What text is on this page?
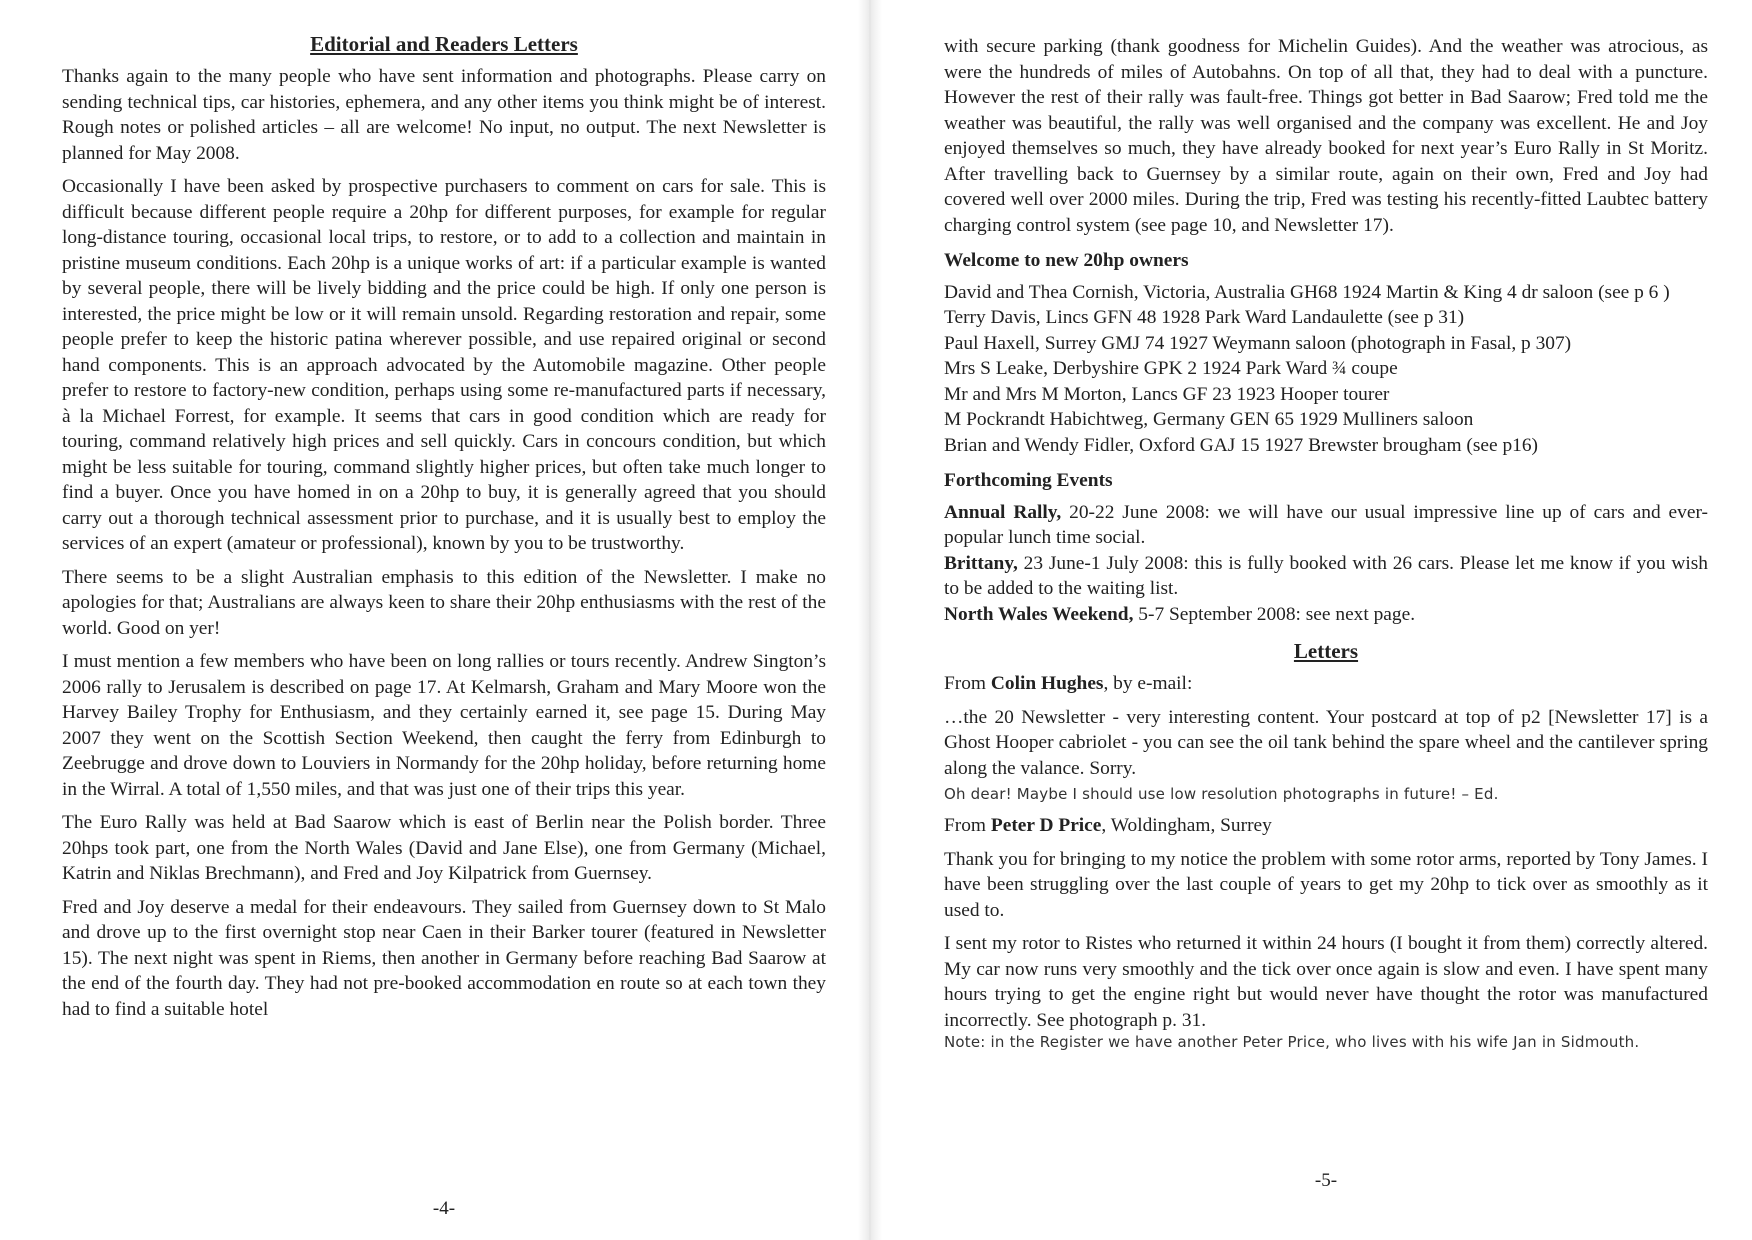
Editorial and Readers Letters

Thanks again to the many people who have sent information and photographs. Please carry on sending technical tips, car histories, ephemera, and any other items you think might be of interest. Rough notes or polished articles – all are welcome! No input, no output. The next Newsletter is planned for May 2008.

Occasionally I have been asked by prospective purchasers to comment on cars for sale. This is difficult because different people require a 20hp for different purposes, for example for regular long-distance touring, occasional local trips, to restore, or to add to a collection and maintain in pristine museum conditions. Each 20hp is a unique works of art: if a particular example is wanted by several people, there will be lively bidding and the price could be high. If only one person is interested, the price might be low or it will remain unsold. Regarding restoration and repair, some people prefer to keep the historic patina wherever possible, and use repaired original or second hand components. This is an approach advocated by the Automobile magazine. Other people prefer to restore to factory-new condition, perhaps using some re-manufactured parts if necessary, à la Michael Forrest, for example. It seems that cars in good condition which are ready for touring, command relatively high prices and sell quickly. Cars in concours condition, but which might be less suitable for touring, command slightly higher prices, but often take much longer to find a buyer. Once you have homed in on a 20hp to buy, it is generally agreed that you should carry out a thorough technical assessment prior to purchase, and it is usually best to employ the services of an expert (amateur or professional), known by you to be trustworthy.

There seems to be a slight Australian emphasis to this edition of the Newsletter. I make no apologies for that; Australians are always keen to share their 20hp enthusiasms with the rest of the world. Good on yer!

I must mention a few members who have been on long rallies or tours recently. Andrew Sington’s 2006 rally to Jerusalem is described on page 17. At Kelmarsh, Graham and Mary Moore won the Harvey Bailey Trophy for Enthusiasm, and they certainly earned it, see page 15. During May 2007 they went on the Scottish Section Weekend, then caught the ferry from Edinburgh to Zeebrugge and drove down to Louviers in Normandy for the 20hp holiday, before returning home in the Wirral. A total of 1,550 miles, and that was just one of their trips this year.

The Euro Rally was held at Bad Saarow which is east of Berlin near the Polish border. Three 20hps took part, one from the North Wales (David and Jane Else), one from Germany (Michael, Katrin and Niklas Brechmann), and Fred and Joy Kilpatrick from Guernsey.

Fred and Joy deserve a medal for their endeavours. They sailed from Guernsey down to St Malo and drove up to the first overnight stop near Caen in their Barker tourer (featured in Newsletter 15). The next night was spent in Riems, then another in Germany before reaching Bad Saarow at the end of the fourth day. They had not pre-booked accommodation en route so at each town they had to find a suitable hotel

-4-

with secure parking (thank goodness for Michelin Guides). And the weather was atrocious, as were the hundreds of miles of Autobahns. On top of all that, they had to deal with a puncture. However the rest of their rally was fault-free. Things got better in Bad Saarow; Fred told me the weather was beautiful, the rally was well organised and the company was excellent. He and Joy enjoyed themselves so much, they have already booked for next year’s Euro Rally in St Moritz. After travelling back to Guernsey by a similar route, again on their own, Fred and Joy had covered well over 2000 miles. During the trip, Fred was testing his recently-fitted Laubtec battery charging control system (see page 10, and Newsletter 17).

Welcome to new 20hp owners
David and Thea Cornish, Victoria, Australia GH68 1924 Martin & King 4 dr saloon (see p 6 )
Terry Davis, Lincs GFN 48 1928 Park Ward Landaulette (see p 31)
Paul Haxell, Surrey GMJ 74 1927 Weymann saloon (photograph in Fasal, p 307)
Mrs S Leake, Derbyshire GPK 2 1924 Park Ward ¾ coupe
Mr and Mrs M Morton, Lancs GF 23 1923 Hooper tourer
M Pockrandt Habichtweg, Germany GEN 65 1929 Mulliners saloon
Brian and Wendy Fidler, Oxford GAJ 15 1927 Brewster brougham (see p16)
Forthcoming Events

Annual Rally, 20-22 June 2008: we will have our usual impressive line up of cars and ever-popular lunch time social.

Brittany, 23 June-1 July 2008: this is fully booked with 26 cars. Please let me know if you wish to be added to the waiting list.

North Wales Weekend, 5-7 September 2008: see next page.

Letters

From Colin Hughes, by e-mail:

…the 20 Newsletter - very interesting content. Your postcard at top of p2 [Newsletter 17] is a Ghost Hooper cabriolet - you can see the oil tank behind the spare wheel and the cantilever spring along the valance. Sorry.

Oh dear! Maybe I should use low resolution photographs in future! – Ed.

From Peter D Price, Woldingham, Surrey

Thank you for bringing to my notice the problem with some rotor arms, reported by Tony James. I have been struggling over the last couple of years to get my 20hp to tick over as smoothly as it used to.

I sent my rotor to Ristes who returned it within 24 hours (I bought it from them) correctly altered. My car now runs very smoothly and the tick over once again is slow and even. I have spent many hours trying to get the engine right but would never have thought the rotor was manufactured incorrectly. See photograph p. 31.

Note: in the Register we have another Peter Price, who lives with his wife Jan in Sidmouth.
-5-
